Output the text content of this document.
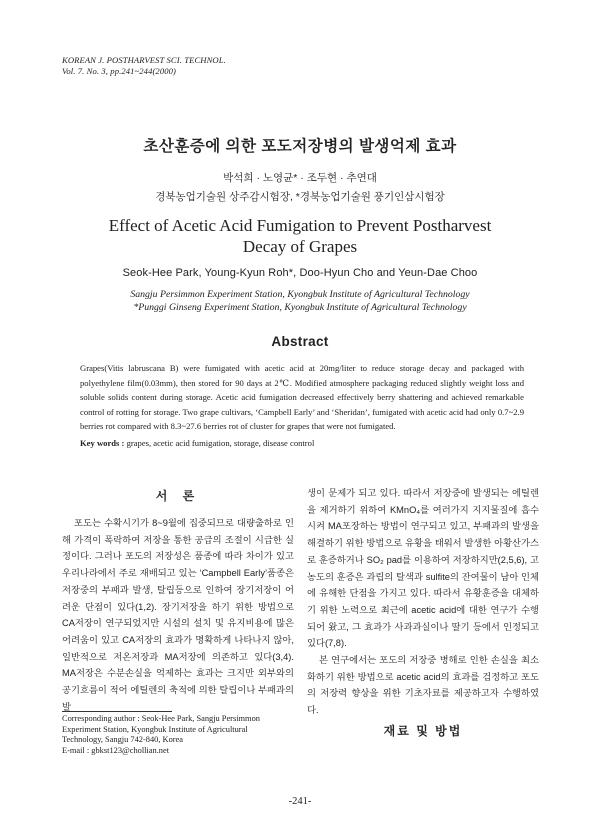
KOREAN J. POSTHARVEST SCI. TECHNOL.
Vol. 7. No. 3, pp.241~244(2000)
초산훈증에 의한 포도저장병의 발생억제 효과
박석희 · 노영균* · 조두현 · 추연대
경북농업기술원 상주감시험장, *경북농업기술원 풍기인삼시험장
Effect of Acetic Acid Fumigation to Prevent Postharvest
Decay of Grapes
Seok-Hee Park, Young-Kyun Roh*, Doo-Hyun Cho and Yeun-Dae Choo
Sangju Persimmon Experiment Station, Kyongbuk Institute of Agricultural Technology
*Punggi Ginseng Experiment Station, Kyongbuk Institute of Agricultural Technology
Abstract
Grapes(Vitis labruscana B) were fumigated with acetic acid at 20mg/liter to reduce storage decay and packaged with polyethylene film(0.03mm), then stored for 90 days at 2℃. Modified atmosphere packaging reduced slightly weight loss and soluble solids content during storage. Acetic acid fumigation decreased effectively berry shattering and achieved remarkable control of rotting for storage. Two grape cultivars, ‘Campbell Early’ and ‘Sheridan’, fumigated with acetic acid had only 0.7~2.9 berries rot compared with 8.3~27.6 berries rot of cluster for grapes that were not fumigated.
Key words : grapes, acetic acid fumigation, storage, disease control
서 론

포도는 수확시기가 8~9월에 집중되므로 대량출하로 인해 가격이 폭락하여 저장을 통한 공급의 조절이 시급한 실정이다. 그러나 포도의 저장성은 품종에 따라 차이가 있고 우리나라에서 주로 재배되고 있는 ‘Campbell Early’품종은 저장중의 부패과 발생, 탈립등으로 인하여 장기저장이 어려운 단점이 있다(1,2). 장기저장을 하기 위한 방법으로 CA저장이 연구되었지만 시설의 설치 및 유지비용에 많은 어려움이 있고 CA저장의 효과가 명확하게 나타나지 않아, 일반적으로 저온저장과 MA저장에 의존하고 있다(3,4). MA저장은 수분손실을 억제하는 효과는 크지만 외부와의 공기흐름이 적어 에틸렌의 축적에 의한 탈립이나 부패과의 발

생이 문제가 되고 있다. 따라서 저장중에 발생되는 에틸렌을 제거하기 위하여 KMnO₄를 여러가지 지지물질에 흡수시켜 MA포장하는 방법이 연구되고 있고, 부패과의 발생을 해결하기 위한 방법으로 유황을 태워서 발생한 아황산가스로 훈증하거나 SO₂ pad를 이용하여 저장하지만(2,5,6), 고농도의 훈증은 과립의 탈색과 sulfite의 잔여물이 남아 인체에 유해한 단점을 가지고 있다. 따라서 유황훈증을 대체하기 위한 노력으로 최근에 acetic acid에 대한 연구가 수행되어 왔고, 그 효과가 사과과실이나 딸기 등에서 인정되고 있다(7,8).

본 연구에서는 포도의 저장중 병해로 인한 손실을 최소화하기 위한 방법으로 acetic acid의 효과를 검정하고 포도의 저장력 향상을 위한 기초자료를 제공하고자 수행하였다.

재료 및 방법
-241-
Corresponding author : Seok-Hee Park, Sangju Persimmon
Experiment Station, Kyongbuk Institute of Agricultural
Technology, Sangju 742-840, Korea
E-mail : gbkst123@chollian.net
